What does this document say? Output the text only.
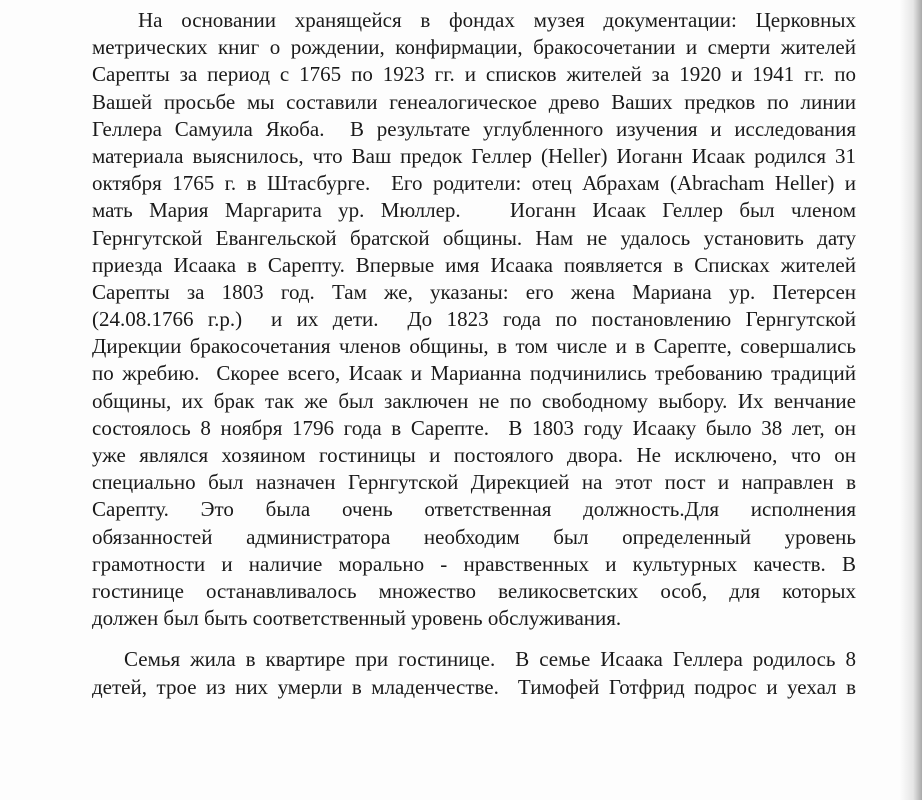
На основании хранящейся в фондах музея документации: Церковных
метрических книг о рождении, конфирмации, бракосочетании и смерти жителей
Сарепты за период с 1765 по 1923 гг. и списков жителей за 1920 и 1941 гг. по
Вашей просьбе мы составили генеалогическое древо Ваших предков по линии
Геллера Самуила Якоба.  В результате углубленного изучения и исследования
материала выяснилось, что Ваш предок Геллер (Heller) Иоганн Исаак родился 31
октября 1765 г. в Штасбурге.  Его родители: отец Абрахам (Abracham Heller) и
мать Мария Маргарита ур. Мюллер.   Иоганн Исаак Геллер был членом
Гернгутской Евангельской братской общины. Нам не удалось установить дату
приезда Исаака в Сарепту. Впервые имя Исаака появляется в Списках жителей
Сарепты за 1803 год. Там же, указаны: его жена Мариана ур. Петерсен
(24.08.1766 г.р.)  и их дети.  До 1823 года по постановлению Гернгутской
Дирекции бракосочетания членов общины, в том числе и в Сарепте, совершались
по жребию.  Скорее всего, Исаак и Марианна подчинились требованию традиций
общины, их брак так же был заключен не по свободному выбору. Их венчание
состоялось 8 ноября 1796 года в Сарепте.  В 1803 году Исааку было 38 лет, он
уже являлся хозяином гостиницы и постоялого двора. Не исключено, что он
специально был назначен Гернгутской Дирекцией на этот пост и направлен в
Сарепту.  Это  была  очень  ответственная  должность.Для  исполнения
обязанностей  администратора  необходим  был  определенный  уровень
грамотности и наличие морально - нравственных и культурных качеств. В
гостинице останавливалось множество великосветских особ, для которых
должен был быть соответственный уровень обслуживания.
Семья жила в квартире при гостинице.  В семье Исаака Геллера родилось 8
детей, трое из них умерли в младенчестве.  Тимофей Готфрид подрос и уехал в
